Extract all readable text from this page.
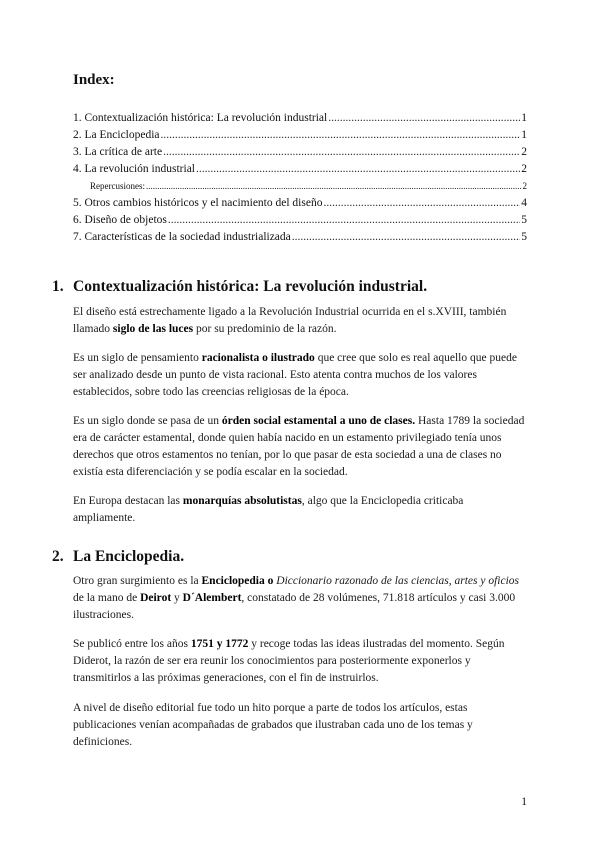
Index:
1. Contextualización histórica: La revolución industrial .....	1
2. La Enciclopedia .....	1
3. La crítica de arte .....	2
4. La revolución industrial .....	2
Repercusiones: .....	2
5. Otros cambios históricos y el nacimiento del diseño .....	4
6. Diseño de objetos .....	5
7. Características de la sociedad industrializada .....	5
1. Contextualización histórica: La revolución industrial.

El diseño está estrechamente ligado a la Revolución Industrial ocurrida en el s.XVIII, también llamado siglo de las luces por su predominio de la razón.

Es un siglo de pensamiento racionalista o ilustrado que cree que solo es real aquello que puede ser analizado desde un punto de vista racional. Esto atenta contra muchos de los valores establecidos, sobre todo las creencias religiosas de la época.

Es un siglo donde se pasa de un órden social estamental a uno de clases. Hasta 1789 la sociedad era de carácter estamental, donde quien había nacido en un estamento privilegiado tenía unos derechos que otros estamentos no tenían, por lo que pasar de esta sociedad a una de clases no existía esta diferenciación y se podía escalar en la sociedad.

En Europa destacan las monarquías absolutistas, algo que la Enciclopedia criticaba ampliamente.

2. La Enciclopedia.

Otro gran surgimiento es la Enciclopedia o Diccionario razonado de las ciencias, artes y oficios de la mano de Deirot y D´Alembert, constatado de 28 volúmenes, 71.818 artículos y casi 3.000 ilustraciones.

Se publicó entre los años 1751 y 1772 y recoge todas las ideas ilustradas del momento. Según Diderot, la razón de ser era reunir los conocimientos para posteriormente exponerlos y transmitirlos a las próximas generaciones, con el fin de instruirlos.

A nivel de diseño editorial fue todo un hito porque a parte de todos los artículos, estas publicaciones venían acompañadas de grabados que ilustraban cada uno de los temas y definiciones.

1
